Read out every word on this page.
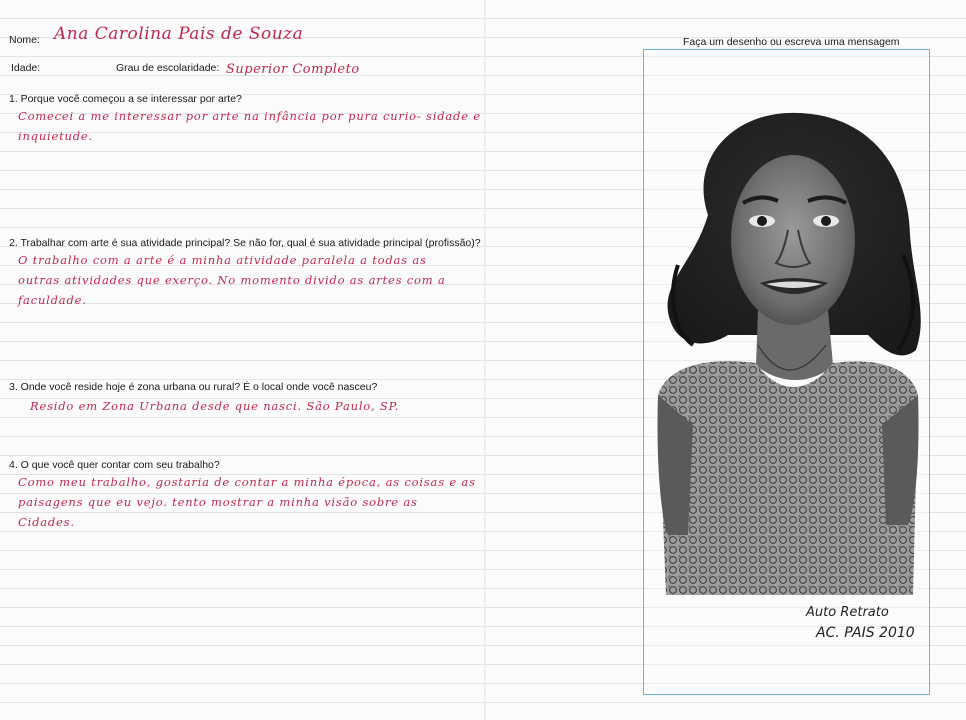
Nome: Ana Carolina Pais de Souza
Idade:	Grau de escolaridade: Superior Completo
1. Porque você começou a se interessar por arte?
Comecei a me interessar por arte na infância por pura curio- sidade e inquietude.
2. Trabalhar com arte é sua atividade principal? Se não for, qual é sua atividade principal (profissão)?
O trabalho com a arte é a minha atividade paralela a todas as outras atividades que exerço. No momento divido as artes com a faculdade.
3. Onde você reside hoje é zona urbana ou rural? É o local onde você nasceu?
Resido em Zona Urbana desde que nasci. São Paulo, SP.
4. O que você quer contar com seu trabalho?
Como meu trabalho, gostaria de contar a minha época, as coisas e as paisagens que eu vejo. tento mostrar a minha visão sobre as Cidades.
Faça um desenho ou escreva uma mensagem
Auto Retrato
AC. PAIS 2010
